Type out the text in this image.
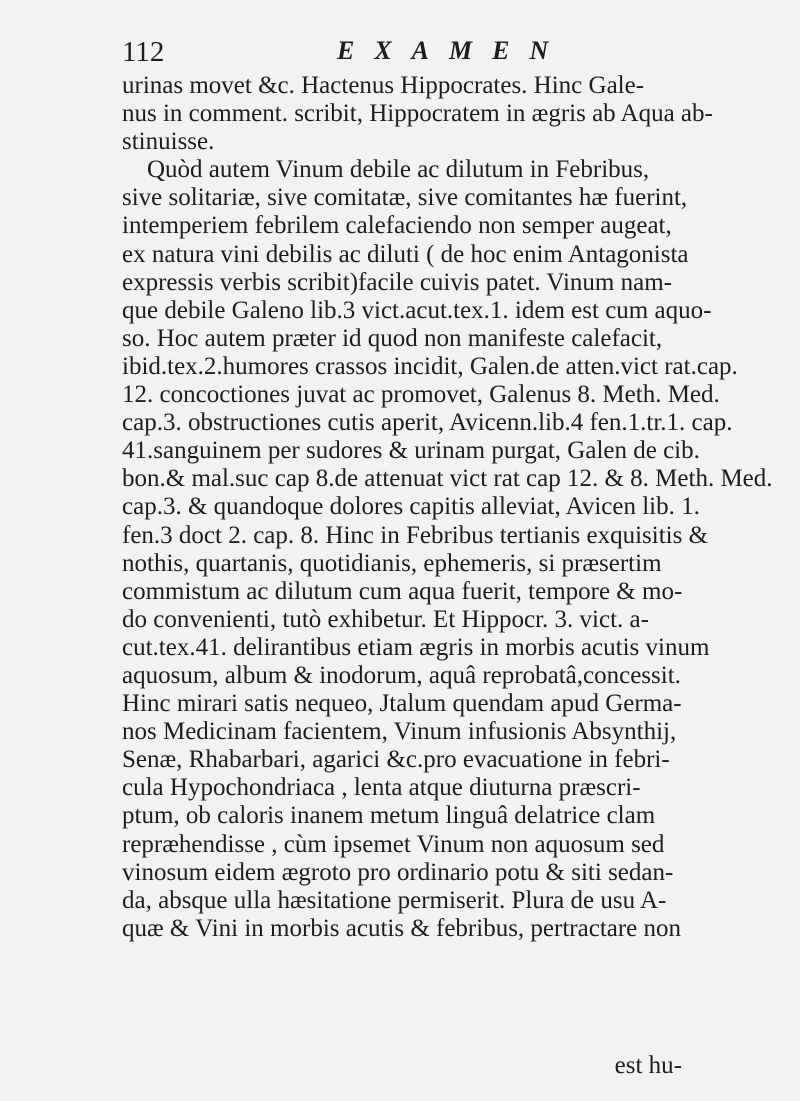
112	EXAMEN
urinas movet &c. Hactenus Hippocrates. Hinc Gale-
nus in comment. scribit, Hippocratem in ægris ab Aqua ab-
stinuisse.
Quòd autem Vinum debile ac dilutum in Febribus,
sive solitariæ, sive comitatæ, sive comitantes hæ fuerint,
intemperiem febrilem calefaciendo non semper augeat,
ex natura vini debilis ac diluti ( de hoc enim Antagonista
expressis verbis scribit)facile cuivis patet. Vinum nam-
que debile Galeno lib.3 vict.acut.tex.1. idem est cum aquo-
so. Hoc autem præter id quod non manifeste calefacit,
ibid.tex.2.humores crassos incidit, Galen.de atten.vict rat.cap.
12. concoctiones juvat ac promovet, Galenus 8. Meth. Med.
cap.3. obstructiones cutis aperit, Avicenn.lib.4 fen.1.tr.1. cap.
41.sanguinem per sudores & urinam purgat, Galen de cib.
bon.& mal.suc cap 8.de attenuat vict rat cap 12. & 8. Meth. Med.
cap.3. & quandoque dolores capitis alleviat, Avicen lib. 1.
fen.3 doct 2. cap. 8. Hinc in Febribus tertianis exquisitis &
nothis, quartanis, quotidianis, ephemeris, si præsertim
commistum ac dilutum cum aqua fuerit, tempore & mo-
do convenienti, tutò exhibetur. Et Hippocr. 3. vict. a-
cut.tex.41. delirantibus etiam ægris in morbis acutis vinum
aquosum, album & inodorum, aquâ reprobatâ,concessit.
Hinc mirari satis nequeo, Jtalum quendam apud Germa-
nos Medicinam facientem, Vinum infusionis Absynthij,
Senæ, Rhabarbari, agarici &c.pro evacuatione in febri-
cula Hypochondriaca , lenta atque diuturna præscri-
ptum, ob caloris inanem metum linguâ delatrice clam
repræhendisse , cùm ipsemet Vinum non aquosum sed
vinosum eidem ægroto pro ordinario potu & siti sedan-
da, absque ulla hæsitatione permiserit. Plura de usu A-
quæ & Vini in morbis acutis & febribus, pertractare non
est hu-
